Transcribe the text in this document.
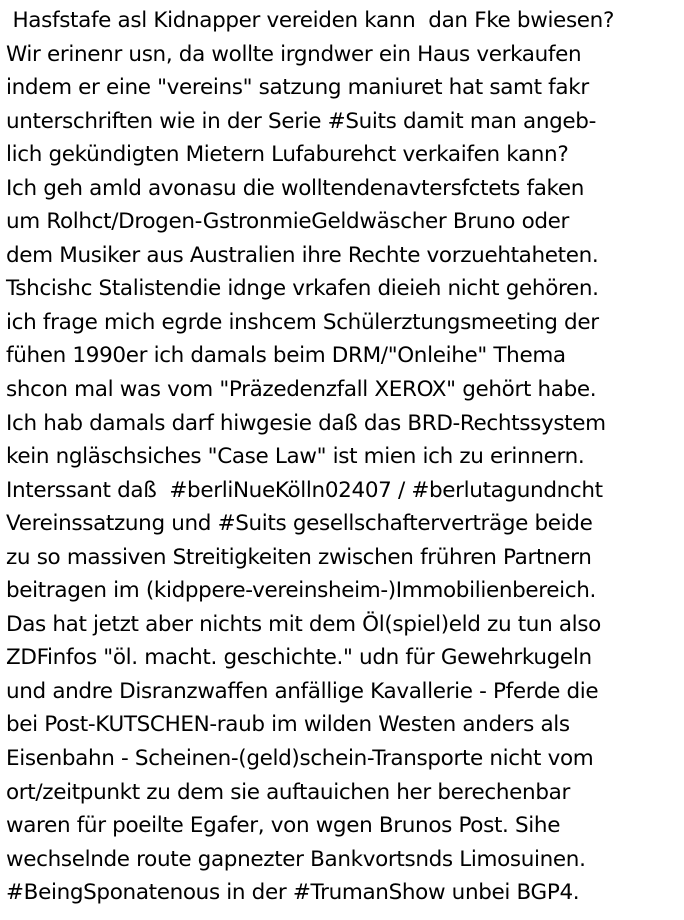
Hasfstafe asl Kidnapper vereiden kann  dan Fke bwiesen?
Wir erinenr usn, da wollte irgndwer ein Haus verkaufen
indem er eine "vereins" satzung maniuret hat samt fakr
unterschriften wie in der Serie #Suits damit man angeb-
lich gekündigten Mietern Lufaburehct verkaifen kann?
Ich geh amld avonasu die wolltendenavtersfctets faken
um Rolhct/Drogen-GstronmieGeldwäscher Bruno oder
dem Musiker aus Australien ihre Rechte vorzuehtaheten.
Tshcishc Stalistendie idnge vrkafen dieieh nicht gehören.
ich frage mich egrde inshcem Schülerztungsmeeting der
fühen 1990er ich damals beim DRM/"Onleihe" Thema
shcon mal was vom "Präzedenzfall XEROX" gehört habe.
Ich hab damals darf hiwgesie daß das BRD-Rechtssystem
kein ngläschsiches "Case Law" ist mien ich zu erinnern.
Interssant daß  #berliNueKölln02407 / #berlutagundncht
Vereinssatzung und #Suits gesellschafterverträge beide
zu so massiven Streitigkeiten zwischen frühren Partnern
beitragen im (kidppere-vereinsheim-)Immobilienbereich.
Das hat jetzt aber nichts mit dem Öl(spiel)eld zu tun also
ZDFinfos "öl. macht. geschichte." udn für Gewehrkugeln
und andre Disranzwaffen anfällige Kavallerie - Pferde die
bei Post-KUTSCHEN-raub im wilden Westen anders als
Eisenbahn - Scheinen-(geld)schein-Transporte nicht vom
ort/zeitpunkt zu dem sie auftauichen her berechenbar
waren für poeilte Egafer, von wgen Brunos Post. Sihe
wechselnde route gapnezter Bankvortsnds Limosuinen.
#BeingSponatenous in der #TrumanShow unbei BGP4.
